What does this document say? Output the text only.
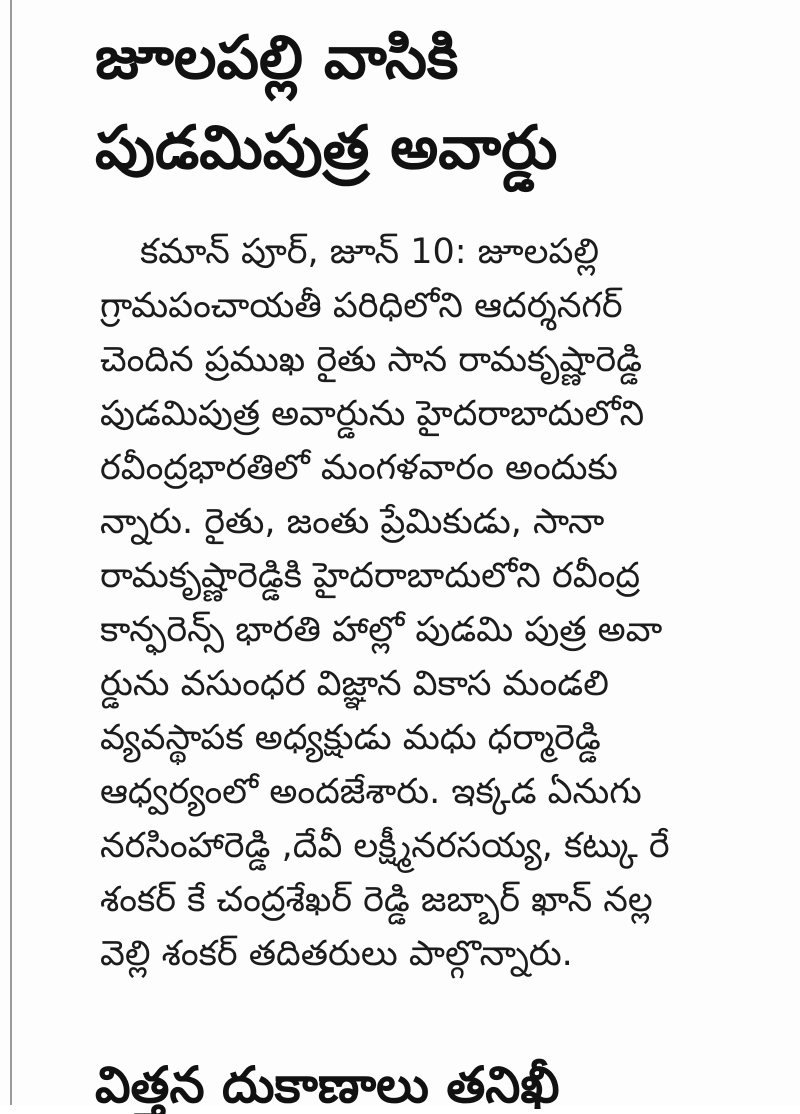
జూలపల్లి వాసికి
పుడమిపుత్ర అవార్డు
కమాన్ పూర్, జూన్ 10: జూలపల్లి
గ్రామపంచాయతీ పరిధిలోని ఆదర్శనగర్
చెందిన ప్రముఖ రైతు సాన రామకృష్ణారెడ్డి
పుడమిపుత్ర అవార్డును హైదరాబాదులోని
రవీంద్రభారతిలో మంగళవారం అందుకు
న్నారు. రైతు, జంతు ప్రేమికుడు, సానా
రామకృష్ణారెడ్డికి హైదరాబాదులోని రవీంద్ర
కాన్ఫరెన్స్ భారతి హాల్లో పుడమి పుత్ర అవా
ర్డును వసుంధర విజ్ఞాన వికాస మండలి
వ్యవస్థాపక అధ్యక్షుడు మధు ధర్మారెడ్డి
ఆధ్వర్యంలో అందజేశారు. ఇక్కడ ఏనుగు
నరసింహారెడ్డి ,దేవీ లక్ష్మీనరసయ్య, కట్కు రే
శంకర్ కే చంద్రశేఖర్ రెడ్డి జబ్బార్ ఖాన్ నల్ల
వెల్లి శంకర్ తదితరులు పాల్గొన్నారు.
విత్తన దుకాణాలు తనిఖీ
